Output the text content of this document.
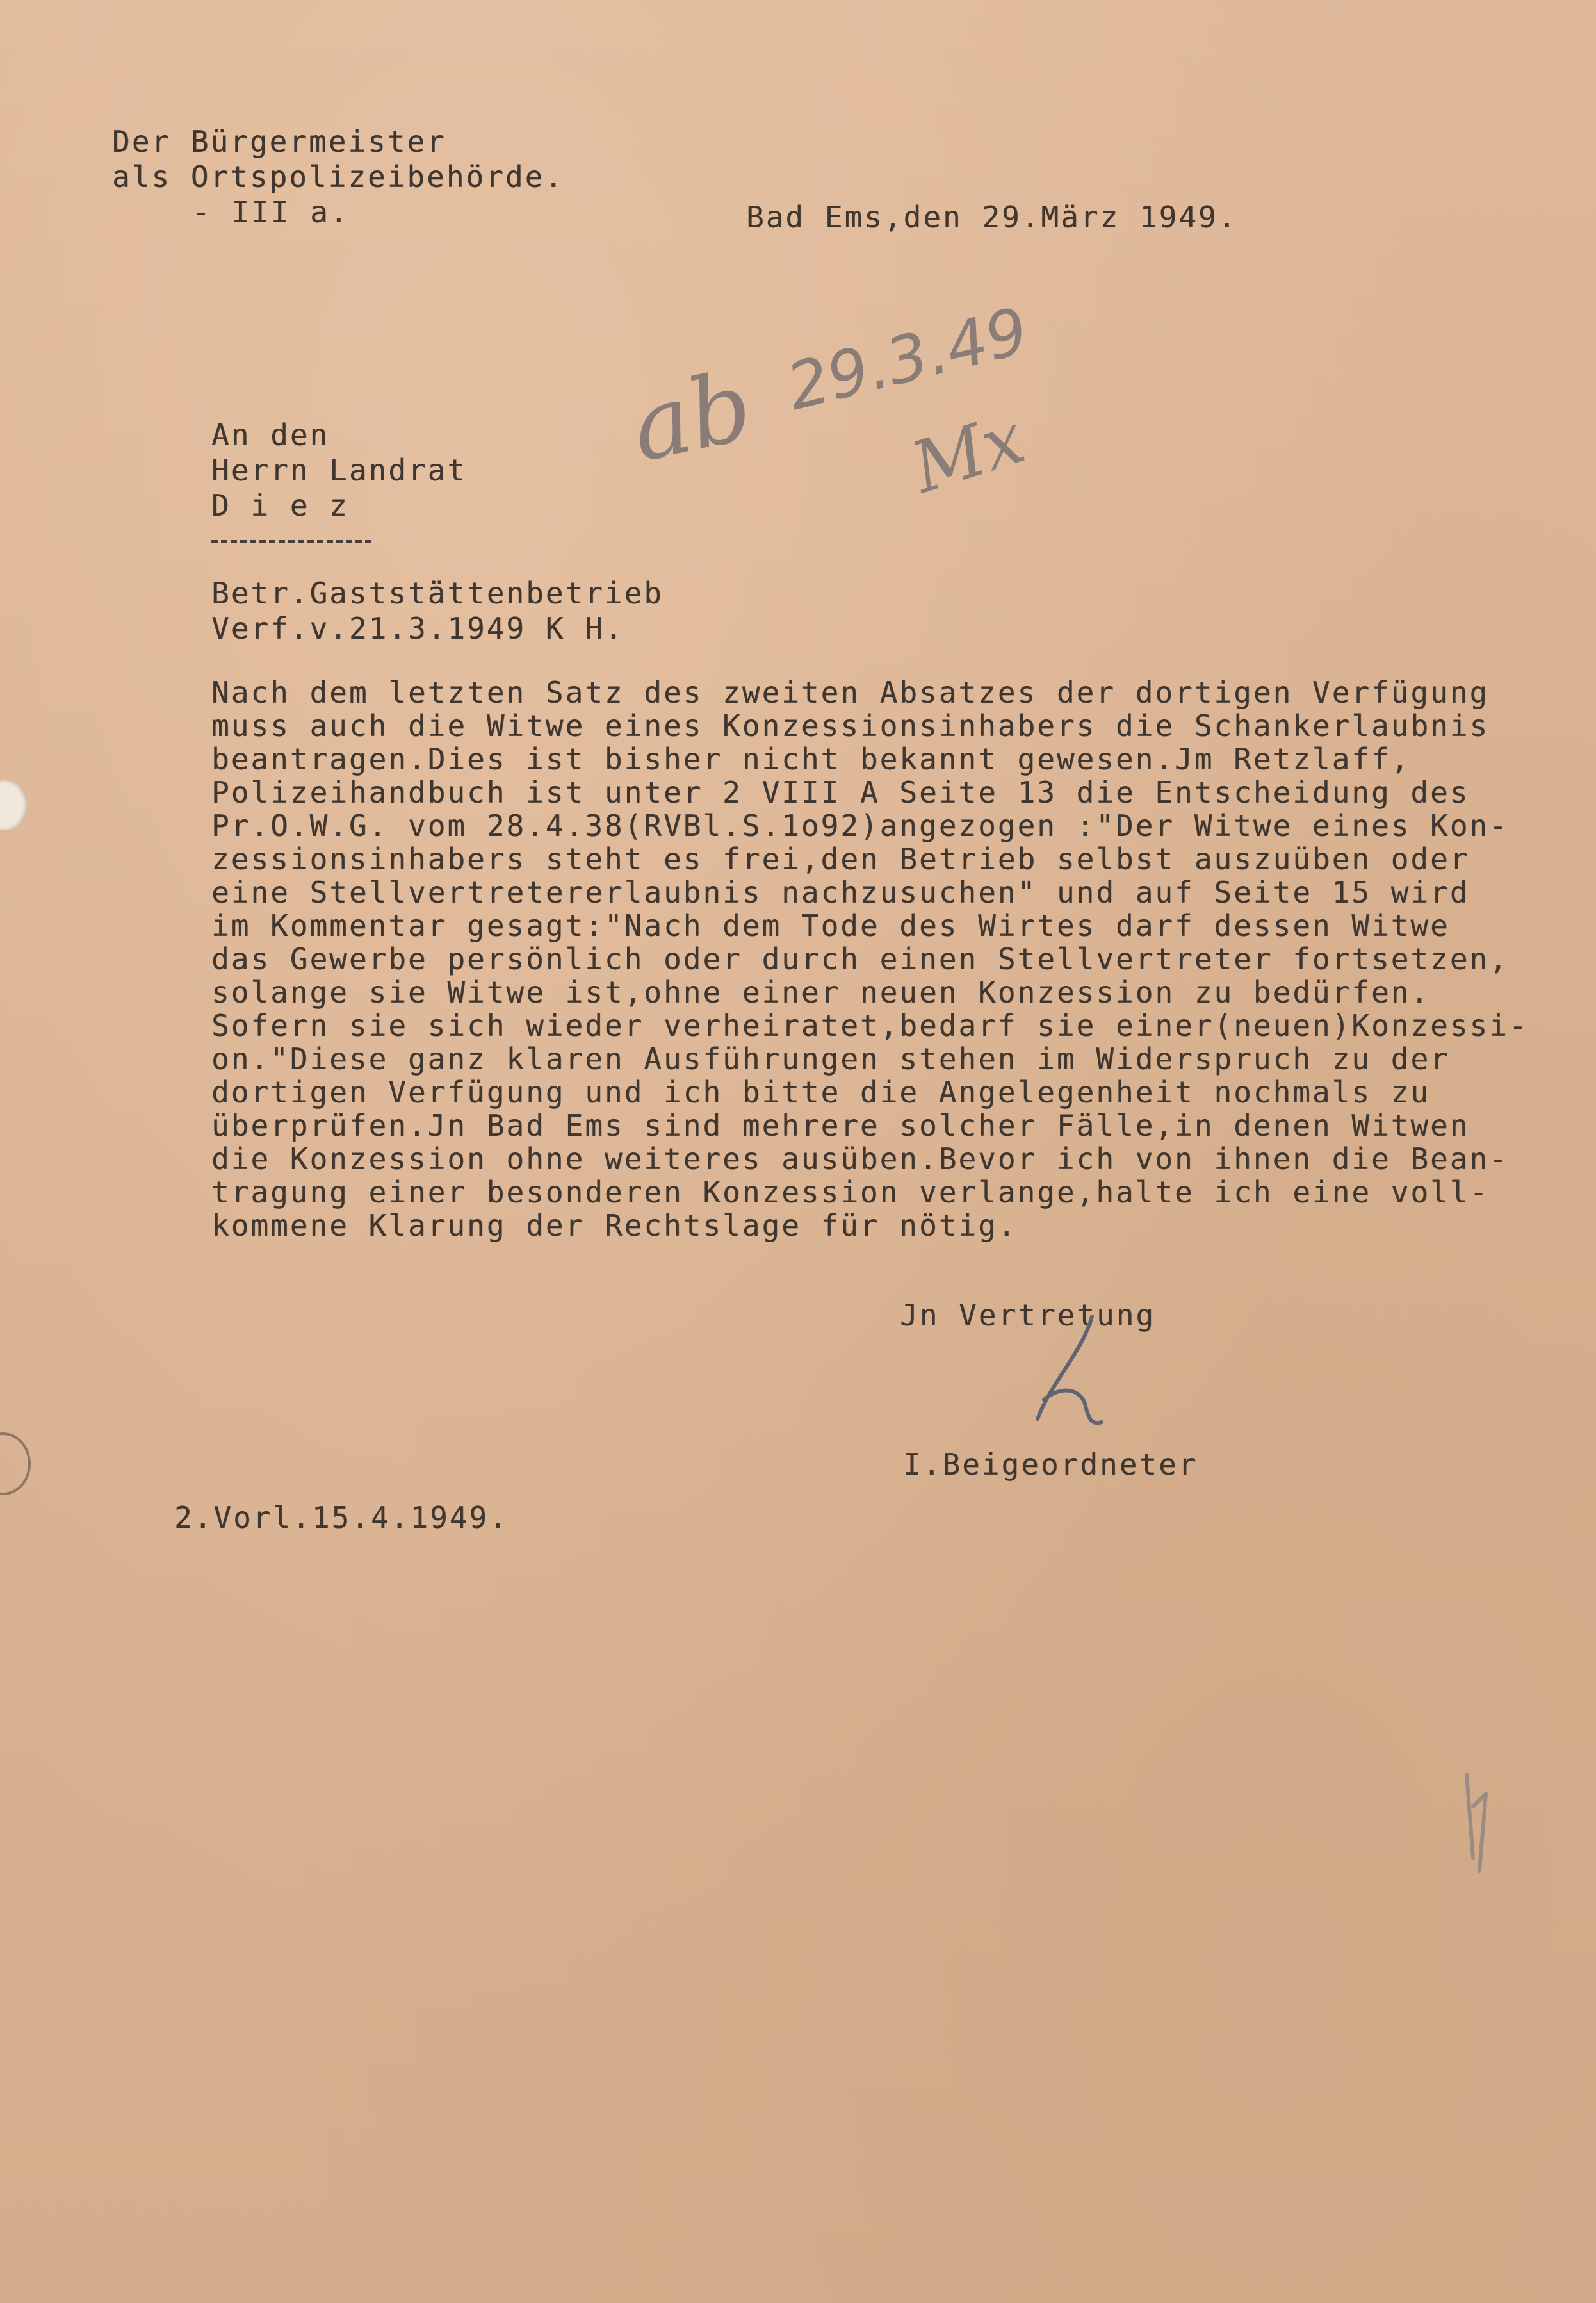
Der Bürgermeister
als Ortspolizeibehörde.
- III a.	Bad Ems,den 29.März 1949.
An den
Herrn Landrat
D i e z
Betr.Gaststättenbetrieb
Verf.v.21.3.1949 K H.
Nach dem letzten Satz des zweiten Absatzes der dortigen Verfügung
muss auch die Witwe eines Konzessionsinhabers die Schankerlaubnis
beantragen.Dies ist bisher nicht bekannt gewesen.Jm Retzlaff,
Polizeihandbuch ist unter 2 VIII A Seite 13 die Entscheidung des
Pr.O.W.G. vom 28.4.38(RVBl.S.1o92)angezogen :"Der Witwe eines Kon-
zessionsinhabers steht es frei,den Betrieb selbst auszuüben oder
eine Stellvertretererlaubnis nachzusuchen" und auf Seite 15 wird
im Kommentar gesagt:"Nach dem Tode des Wirtes darf dessen Witwe
das Gewerbe persönlich oder durch einen Stellvertreter fortsetzen,
solange sie Witwe ist,ohne einer neuen Konzession zu bedürfen.
Sofern sie sich wieder verheiratet,bedarf sie einer(neuen)Konzessi-
on."Diese ganz klaren Ausführungen stehen im Widerspruch zu der
dortigen Verfügung und ich bitte die Angelegenheit nochmals zu
überprüfen.Jn Bad Ems sind mehrere solcher Fälle,in denen Witwen
die Konzession ohne weiteres ausüben.Bevor ich von ihnen die Bean-
tragung einer besonderen Konzession verlange,halte ich eine voll-
kommene Klarung der Rechtslage für nötig.
Jn Vertretung
I.Beigeordneter
2.Vorl.15.4.1949.
ab 29.3.49
Mx
